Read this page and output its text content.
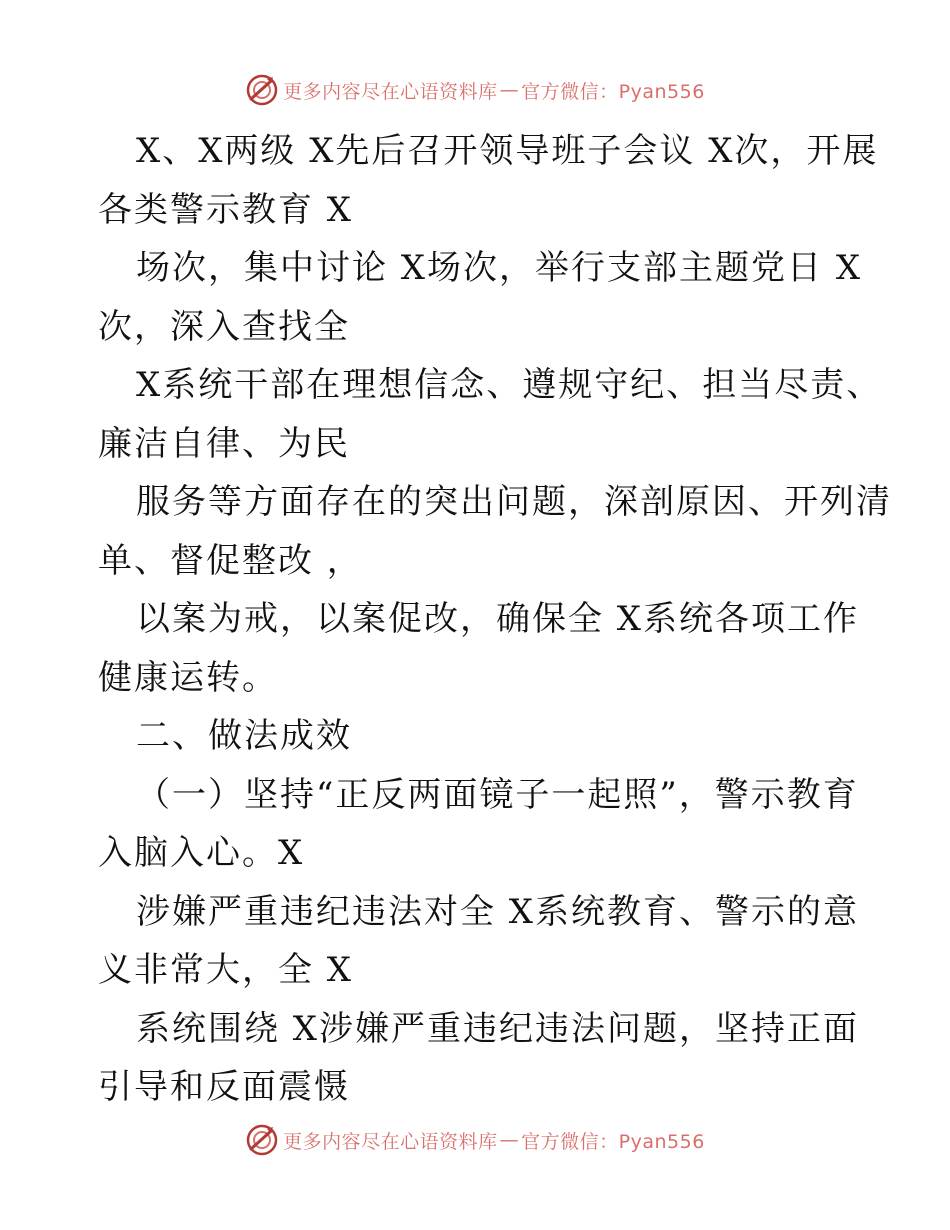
更多内容尽在心语资料库 — 官方微信：Pyan556
X、X两级 X先后召开领导班子会议 X次，开展
各类警示教育 X
场次，集中讨论 X场次，举行支部主题党日 X
次，深入查找全
X系统干部在理想信念、遵规守纪、担当尽责、
廉洁自律、为民
服务等方面存在的突出问题，深剖原因、开列清
单、督促整改 ，
以案为戒，以案促改，确保全 X系统各项工作
健康运转。
二、做法成效
（一）坚持“正反两面镜子一起照”，警示教育
入脑入心。X
涉嫌严重违纪违法对全 X系统教育、警示的意
义非常大，全 X
系统围绕 X涉嫌严重违纪违法问题，坚持正面
引导和反面震慑
更多内容尽在心语资料库 — 官方微信：Pyan556
